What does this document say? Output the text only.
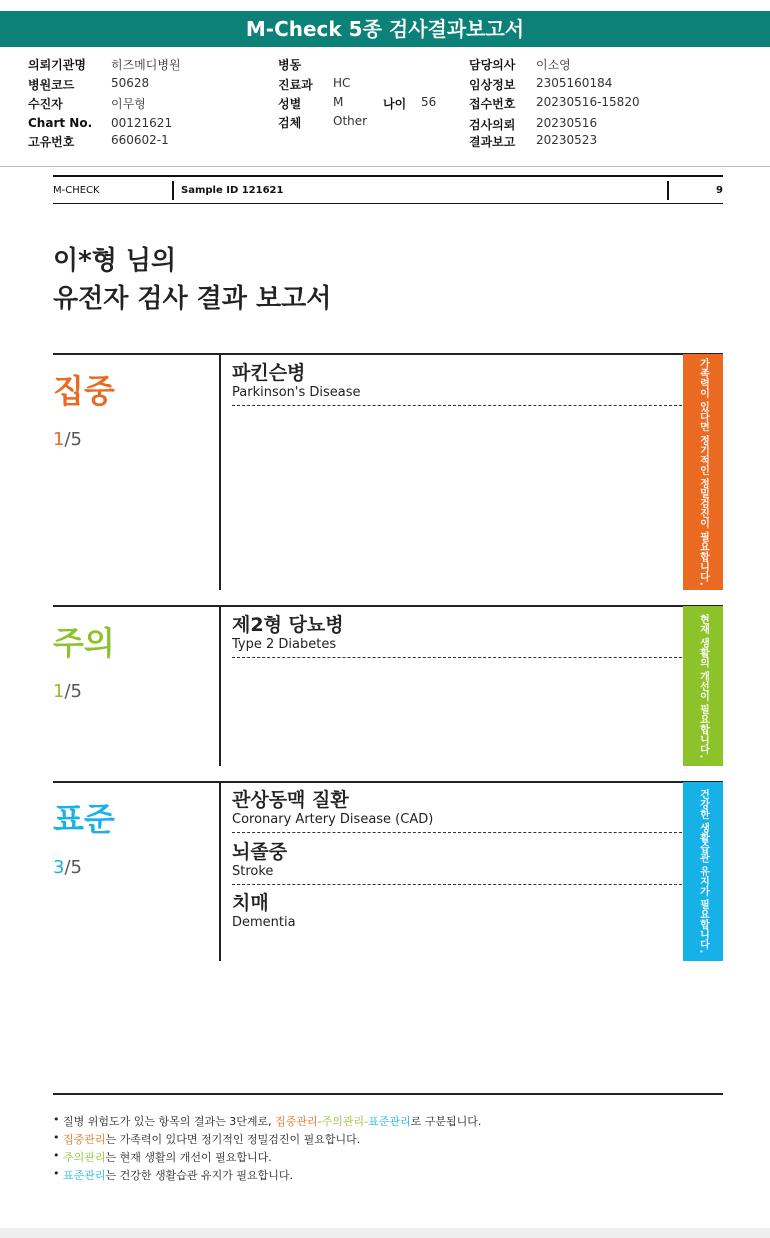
M-Check 5종 검사결과보고서
의뢰기관명 히즈메디병원
병원코드	50628
수진자	이무형
Chart No. 00121621
고유번호	660602-1
병동
진료과 HC
성별	M	나이 56
검체	Other
담당의사 이소영
임상정보 2305160184
접수번호 20230516-15820
검사의뢰 20230516
결과보고 20230523
M-CHECK	Sample ID 121621	9
이*형 님의
유전자 검사 결과 보고서
집중
1/5
파킨슨병
Parkinson's Disease	가족력이 있다면 정기적인 정밀검진이 필요합니다.
주의
1/5
제2형 당뇨병
Type 2 Diabetes	현재 생활의 개선이 필요합니다.
표준
3/5
관상동맥 질환
Coronary Artery Disease (CAD)
뇌졸중
Stroke
치매
Dementia	건강한 생활습관 유지가 필요합니다.
• 질병 위험도가 있는 항목의 결과는 3단계로, 집중관리-주의관리-표준관리로 구분됩니다.
• 집중관리는 가족력이 있다면 정기적인 정밀검진이 필요합니다.
• 주의관리는 현재 생활의 개선이 필요합니다.
• 표준관리는 건강한 생활습관 유지가 필요합니다.
